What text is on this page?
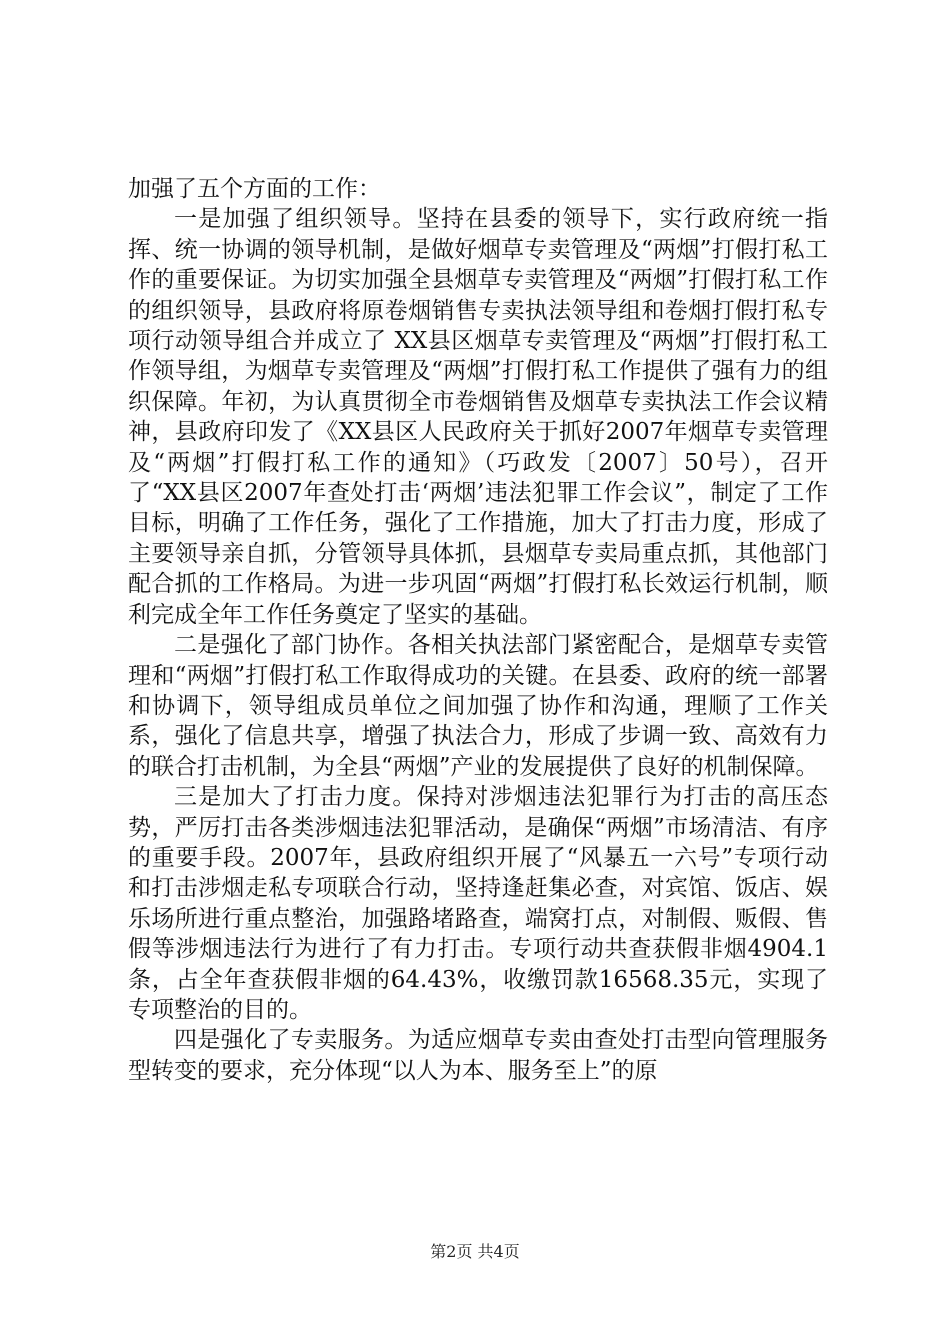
加强了五个方面的工作：

一是加强了组织领导。坚持在县委的领导下，实行政府统一指挥、统一协调的领导机制，是做好烟草专卖管理及“两烟”打假打私工作的重要保证。为切实加强全县烟草专卖管理及“两烟”打假打私工作的组织领导，县政府将原卷烟销售专卖执法领导组和卷烟打假打私专项行动领导组合并成立了 XX县区烟草专卖管理及“两烟”打假打私工作领导组，为烟草专卖管理及“两烟”打假打私工作提供了强有力的组织保障。年初，为认真贯彻全市卷烟销售及烟草专卖执法工作会议精神，县政府印发了《XX县区人民政府关于抓好2007年烟草专卖管理及“两烟”打假打私工作的通知》（巧政发〔2007〕50号），召开了“XX县区2007年查处打击‘两烟’违法犯罪工作会议”，制定了工作目标，明确了工作任务，强化了工作措施，加大了打击力度，形成了主要领导亲自抓，分管领导具体抓，县烟草专卖局重点抓，其他部门配合抓的工作格局。为进一步巩固“两烟”打假打私长效运行机制，顺利完成全年工作任务奠定了坚实的基础。

二是强化了部门协作。各相关执法部门紧密配合，是烟草专卖管理和“两烟”打假打私工作取得成功的关键。在县委、政府的统一部署和协调下，领导组成员单位之间加强了协作和沟通，理顺了工作关系，强化了信息共享，增强了执法合力，形成了步调一致、高效有力的联合打击机制，为全县“两烟”产业的发展提供了良好的机制保障。

三是加大了打击力度。保持对涉烟违法犯罪行为打击的高压态势，严厉打击各类涉烟违法犯罪活动，是确保“两烟”市场清洁、有序的重要手段。2007年，县政府组织开展了“风暴五一六号”专项行动和打击涉烟走私专项联合行动，坚持逢赶集必查，对宾馆、饭店、娱乐场所进行重点整治，加强路堵路查，端窝打点，对制假、贩假、售假等涉烟违法行为进行了有力打击。专项行动共查获假非烟4904.1条，占全年查获假非烟的64.43%，收缴罚款16568.35元，实现了专项整治的目的。

四是强化了专卖服务。为适应烟草专卖由查处打击型向管理服务型转变的要求，充分体现“以人为本、服务至上”的原

第2页 共4页
